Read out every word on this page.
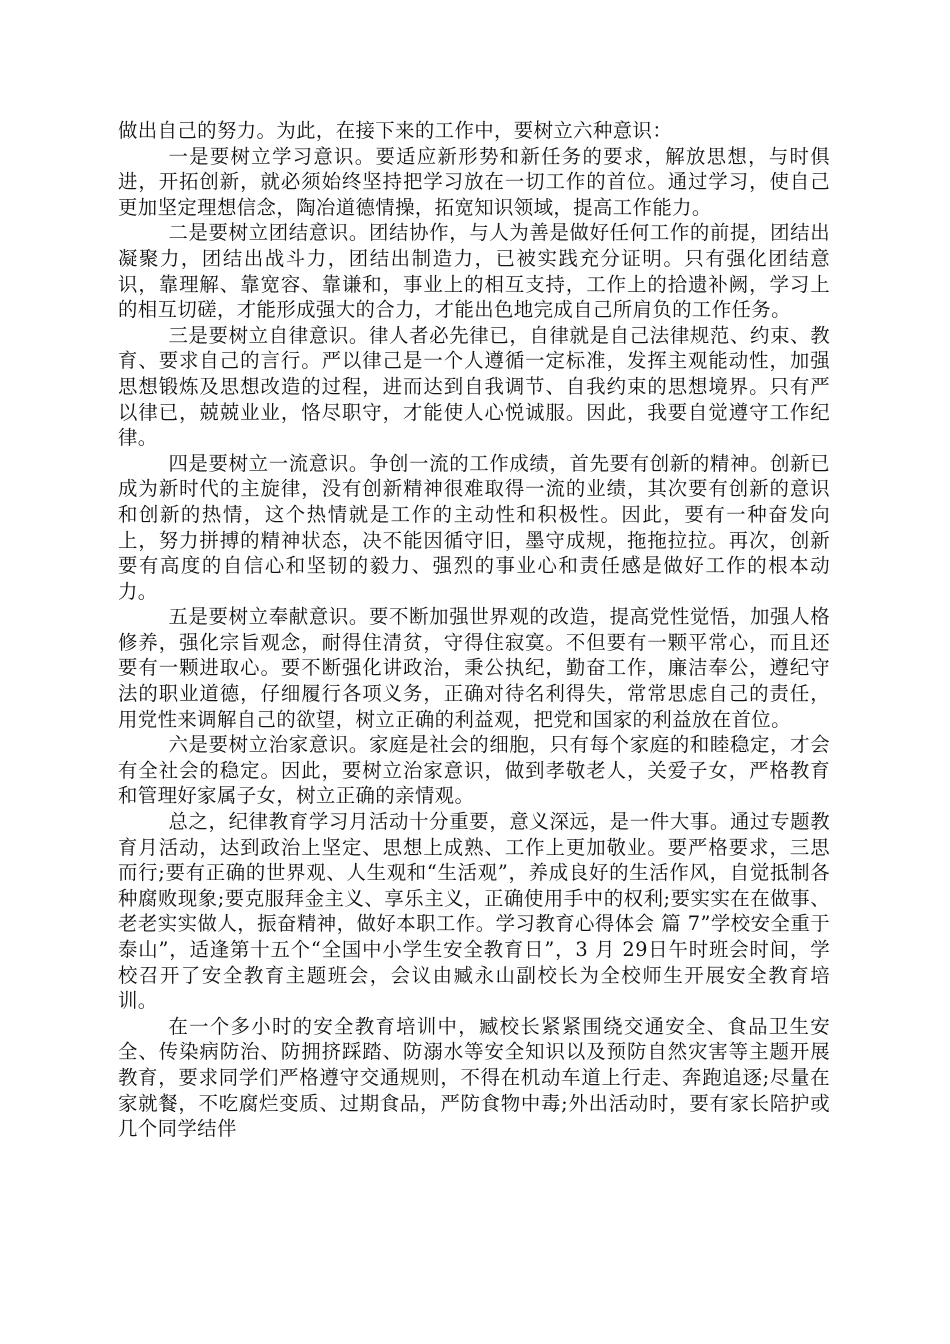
做出自己的努力。为此，在接下来的工作中，要树立六种意识：

一是要树立学习意识。要适应新形势和新任务的要求，解放思想，与时俱进，开拓创新，就必须始终坚持把学习放在一切工作的首位。通过学习，使自己更加坚定理想信念，陶冶道德情操，拓宽知识领域，提高工作能力。

二是要树立团结意识。团结协作，与人为善是做好任何工作的前提，团结出凝聚力，团结出战斗力，团结出制造力，已被实践充分证明。只有强化团结意识，靠理解、靠宽容、靠谦和，事业上的相互支持，工作上的拾遗补阙，学习上的相互切磋，才能形成强大的合力，才能出色地完成自己所肩负的工作任务。

三是要树立自律意识。律人者必先律已，自律就是自己法律规范、约束、教育、要求自己的言行。严以律己是一个人遵循一定标准，发挥主观能动性，加强思想锻炼及思想改造的过程，进而达到自我调节、自我约束的思想境界。只有严以律已，兢兢业业，恪尽职守，才能使人心悦诚服。因此，我要自觉遵守工作纪律。

四是要树立一流意识。争创一流的工作成绩，首先要有创新的精神。创新已成为新时代的主旋律，没有创新精神很难取得一流的业绩，其次要有创新的意识和创新的热情，这个热情就是工作的主动性和积极性。因此，要有一种奋发向上，努力拼搏的精神状态，决不能因循守旧，墨守成规，拖拖拉拉。再次，创新要有高度的自信心和坚韧的毅力、强烈的事业心和责任感是做好工作的根本动力。

五是要树立奉献意识。要不断加强世界观的改造，提高党性觉悟，加强人格修养，强化宗旨观念，耐得住清贫，守得住寂寞。不但要有一颗平常心，而且还要有一颗进取心。要不断强化讲政治，秉公执纪，勤奋工作，廉洁奉公，遵纪守法的职业道德，仔细履行各项义务，正确对待名利得失，常常思虑自己的责任，用党性来调解自己的欲望，树立正确的利益观，把党和国家的利益放在首位。

六是要树立治家意识。家庭是社会的细胞，只有每个家庭的和睦稳定，才会有全社会的稳定。因此，要树立治家意识，做到孝敬老人，关爱子女，严格教育和管理好家属子女，树立正确的亲情观。

总之，纪律教育学习月活动十分重要，意义深远，是一件大事。通过专题教育月活动，达到政治上坚定、思想上成熟、工作上更加敬业。要严格要求，三思而行;要有正确的世界观、人生观和“生活观”，养成良好的生活作风，自觉抵制各种腐败现象;要克服拜金主义、享乐主义，正确使用手中的权利;要实实在在做事、老老实实做人，振奋精神，做好本职工作。学习教育心得体会 篇 7”学校安全重于泰山”，适逢第十五个“全国中小学生安全教育日”，3 月 29日午时班会时间，学校召开了安全教育主题班会，会议由臧永山副校长为全校师生开展安全教育培训。

在一个多小时的安全教育培训中，臧校长紧紧围绕交通安全、食品卫生安全、传染病防治、防拥挤踩踏、防溺水等安全知识以及预防自然灾害等主题开展教育，要求同学们严格遵守交通规则，不得在机动车道上行走、奔跑追逐;尽量在家就餐，不吃腐烂变质、过期食品，严防食物中毒;外出活动时，要有家长陪护或几个同学结伴
